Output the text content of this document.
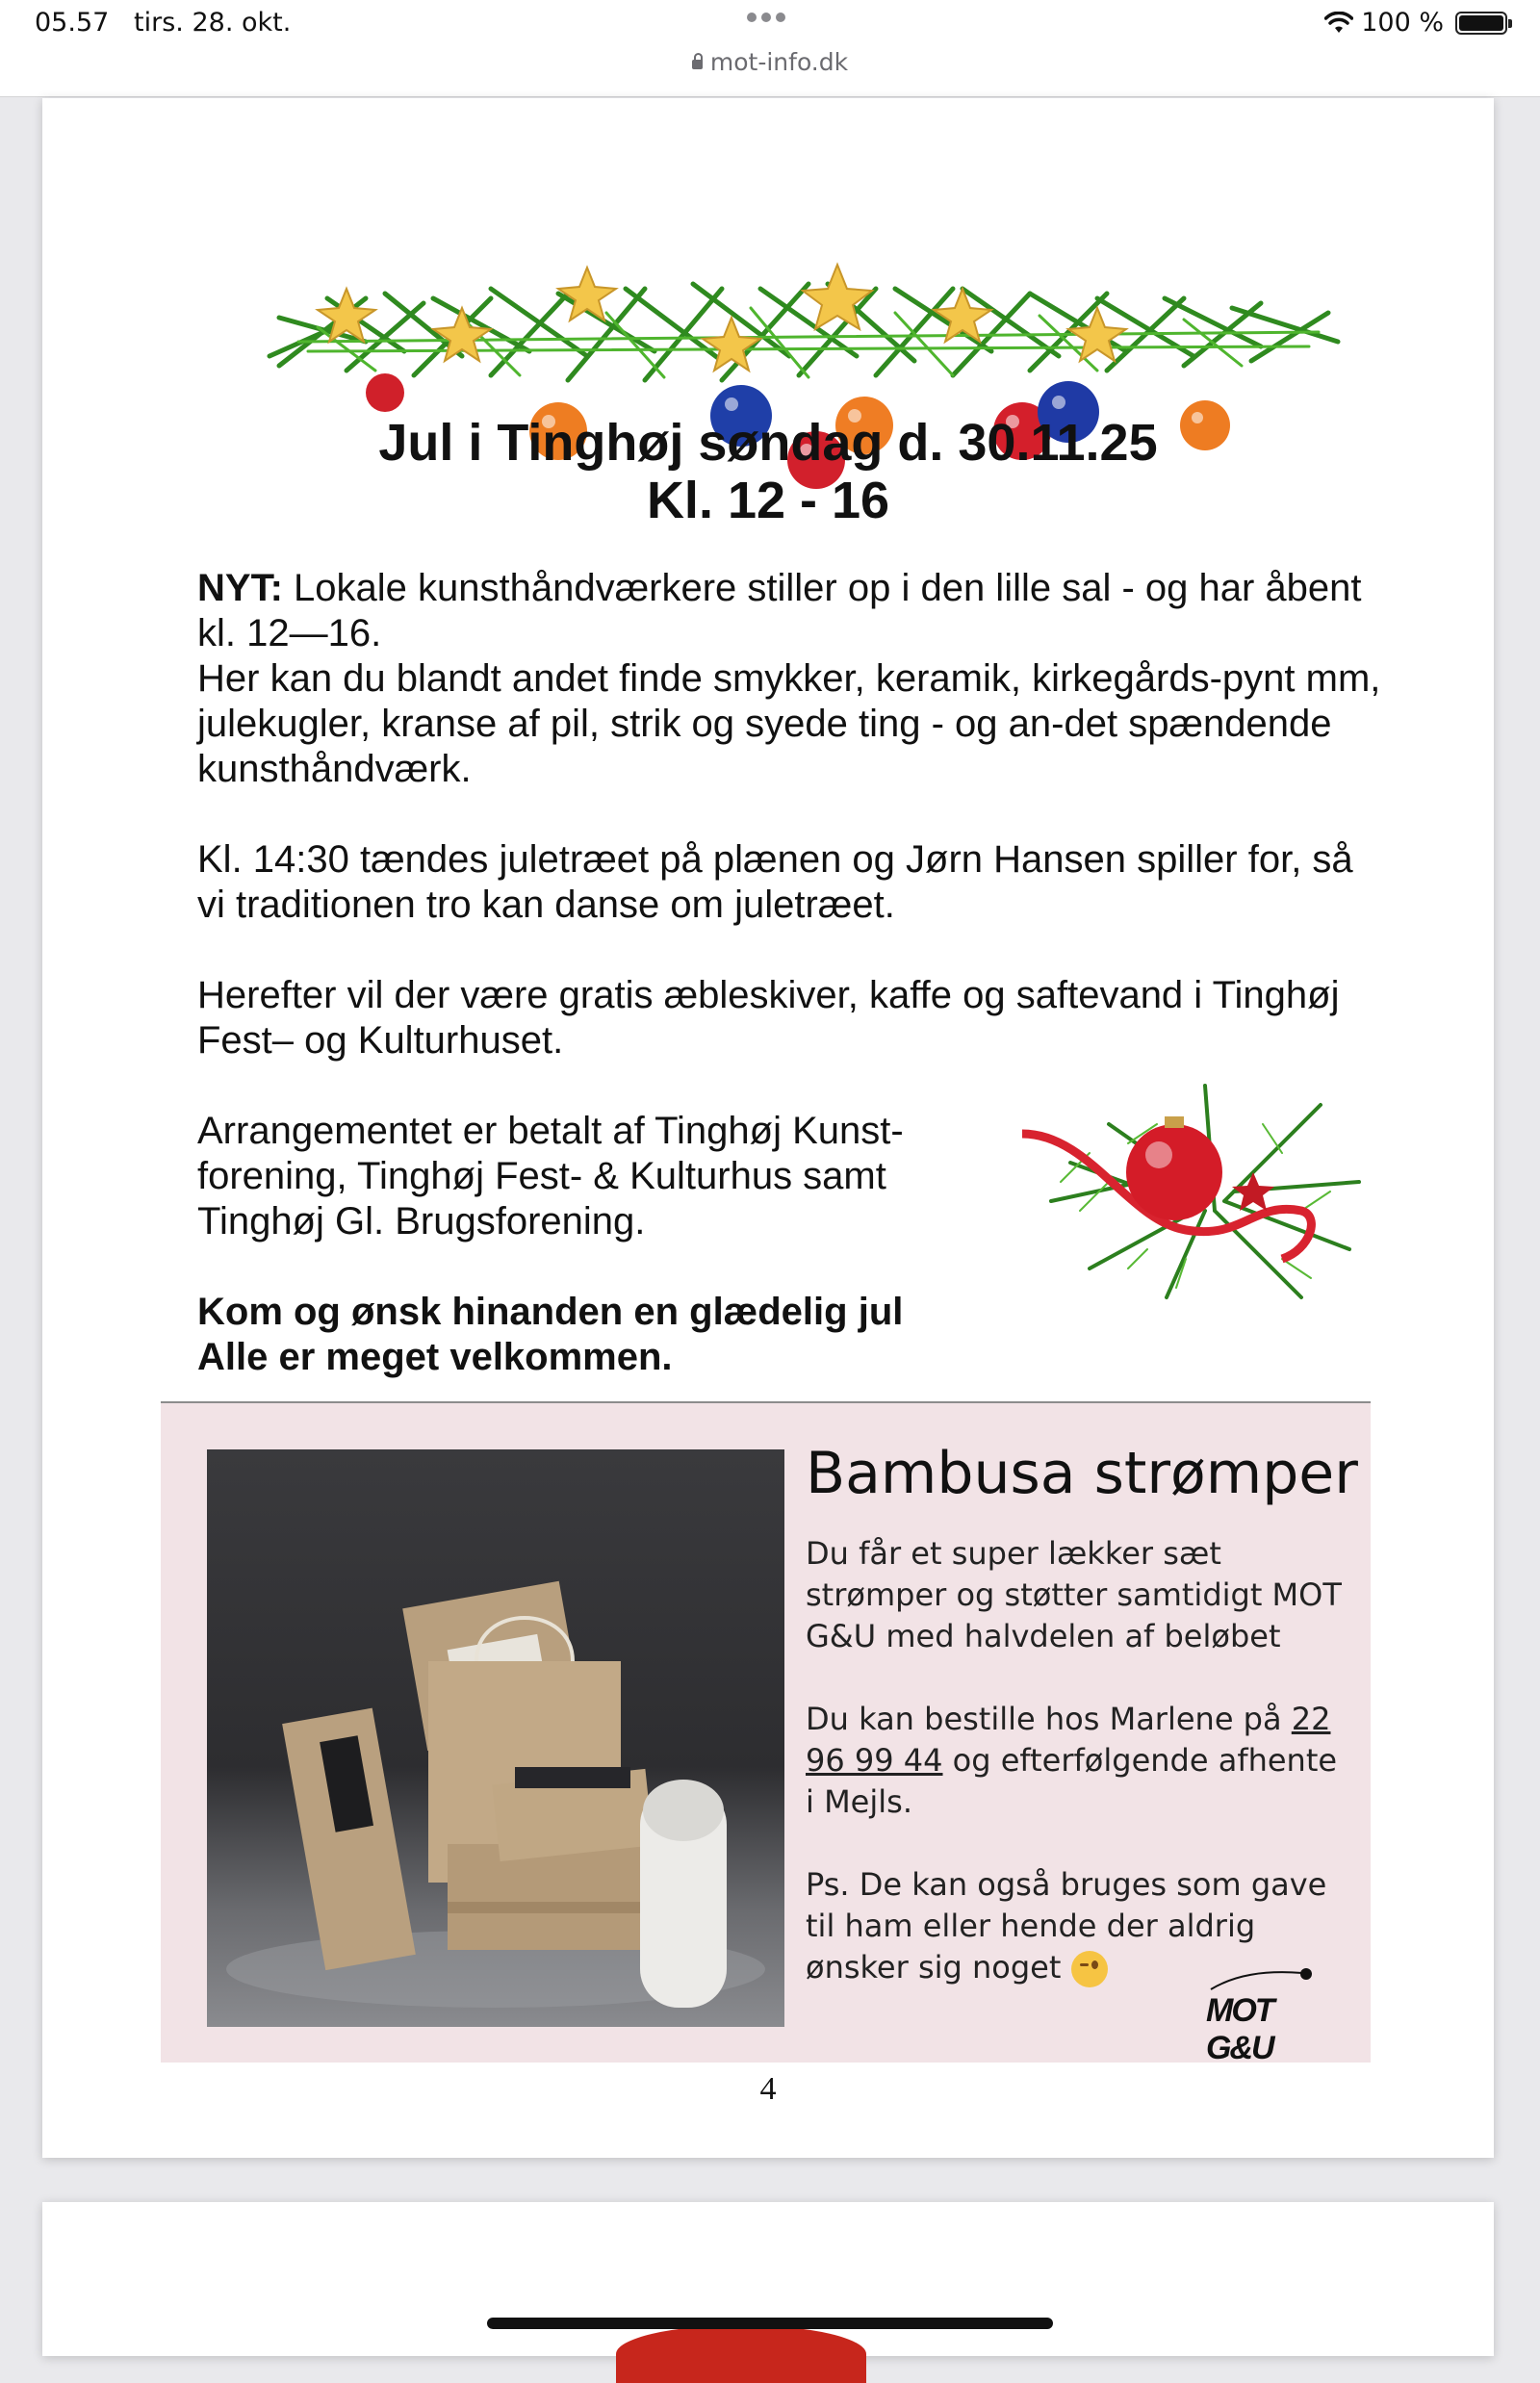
05.57 tirs. 28. okt.	100 %
mot-info.dk
Jul i Tinghøj søndag d. 30.11.25
Kl. 12 - 16

NYT: Lokale kunsthåndværkere stiller op i den lille sal - og har åbent kl. 12—16.
Her kan du blandt andet finde smykker, keramik, kirkegårds-pynt mm, julekugler, kranse af pil, strik og syede ting - og an-det spændende kunsthåndværk.

Kl. 14:30 tændes juletræet på plænen og Jørn Hansen spiller for, så vi traditionen tro kan danse om juletræet.

Herefter vil der være gratis æbleskiver, kaffe og saftevand i Tinghøj Fest– og Kulturhuset.

Arrangementet er betalt af Tinghøj Kunst-forening, Tinghøj Fest- & Kulturhus samt Tinghøj Gl. Brugsforening.

Kom og ønsk hinanden en glædelig jul
Alle er meget velkommen.

Bambusa strømper

Du får et super lækker sæt strømper og støtter samtidigt MOT G&U med halvdelen af beløbet

Du kan bestille hos Marlene på 22 96 99 44 og efterfølgende afhente i Mejls.

Ps. De kan også bruges som gave til ham eller hende der aldrig ønsker sig noget

MOT G&U
4
